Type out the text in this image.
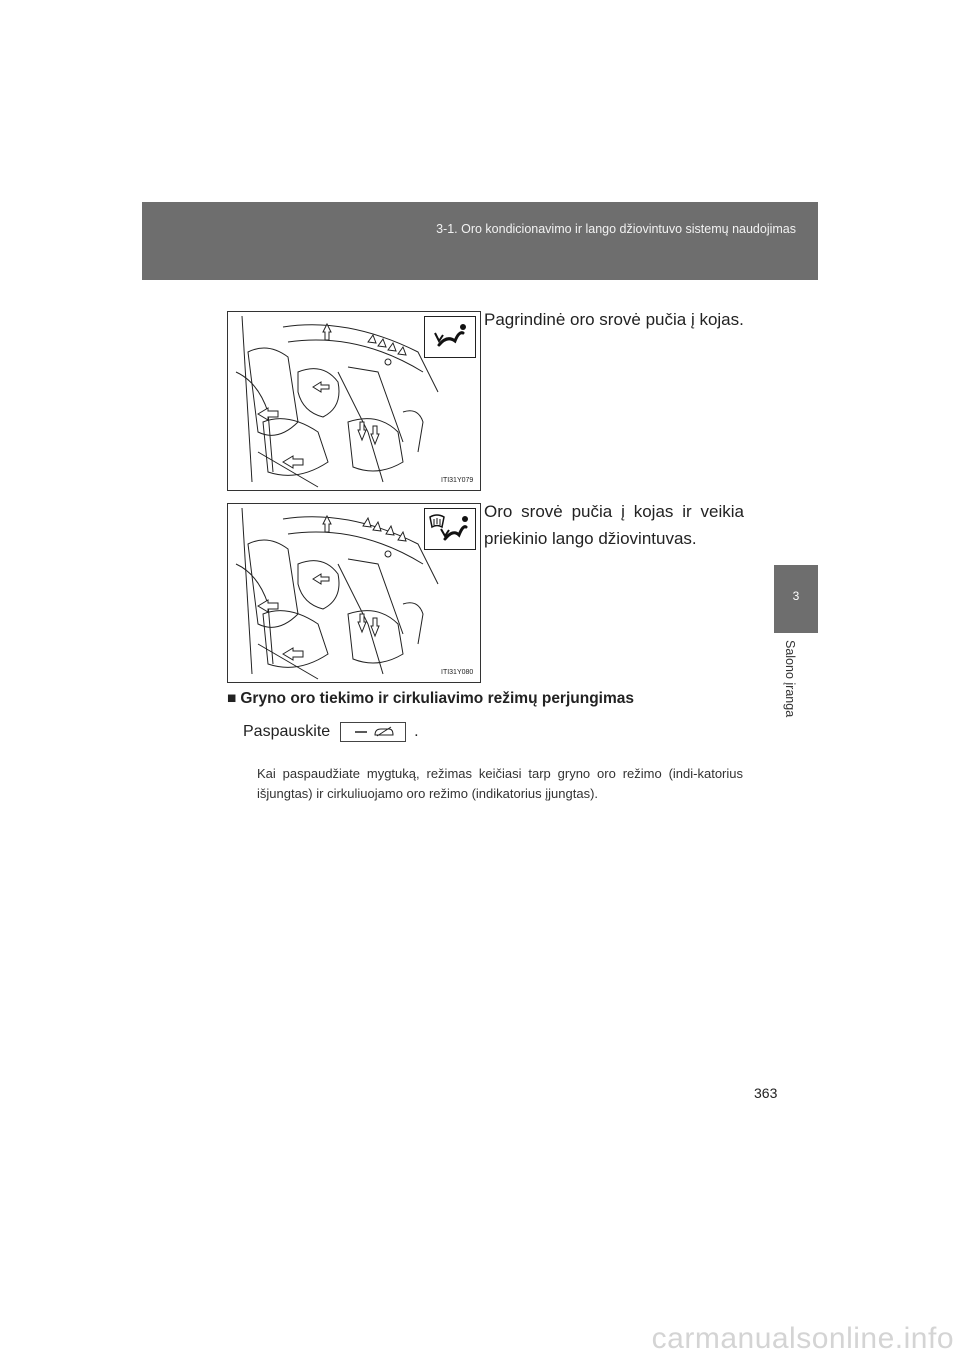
3-1. Oro kondicionavimo ir lango džiovintuvo sistemų naudojimas
3
Salono įranga
ITI31Y079
Pagrindinė oro srovė pučia į kojas.
ITI31Y080
Oro srovė pučia į kojas ir veikia priekinio lango džiovintuvas.
■ Gryno oro tiekimo ir cirkuliavimo režimų perjungimas
Paspauskite	.
Kai paspaudžiate mygtuką, režimas keičiasi tarp gryno oro režimo (indi-katorius išjungtas) ir cirkuliuojamo oro režimo (indikatorius įjungtas).
363
carmanualsonline.info
